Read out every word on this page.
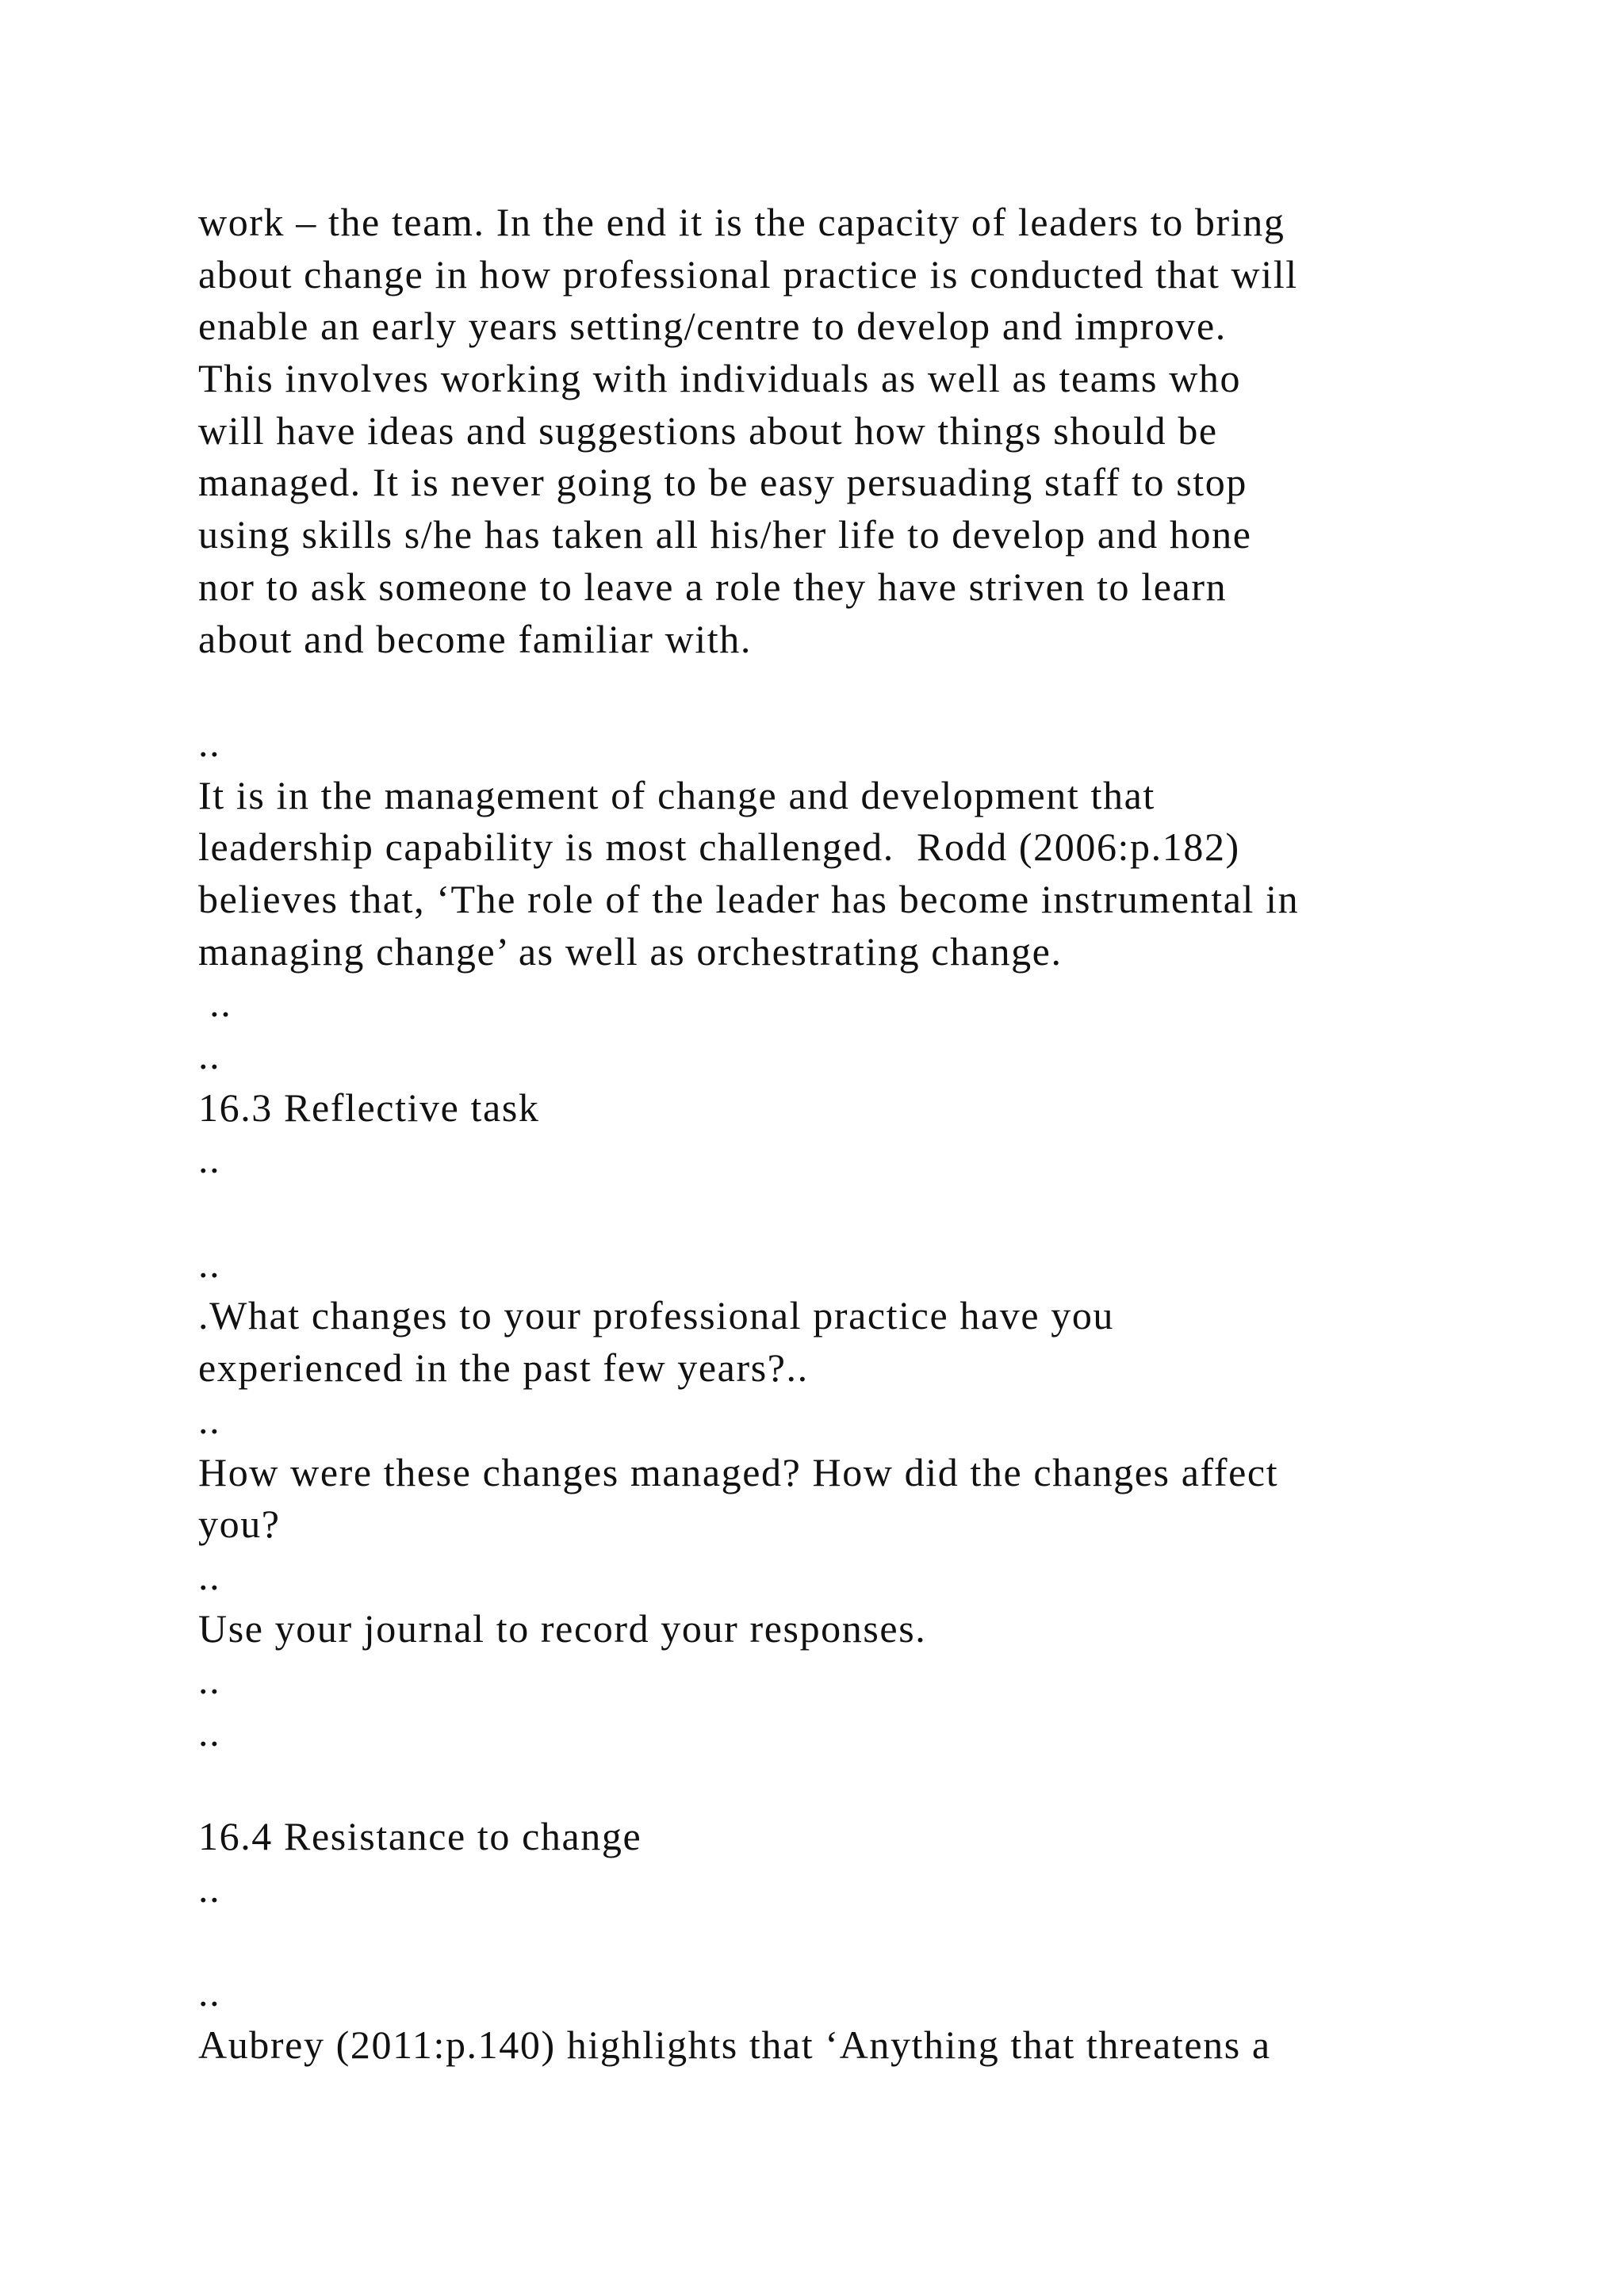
work – the team. In the end it is the capacity of leaders to bring
about change in how professional practice is conducted that will
enable an early years setting/centre to develop and improve.
This involves working with individuals as well as teams who
will have ideas and suggestions about how things should be
managed. It is never going to be easy persuading staff to stop
using skills s/he has taken all his/her life to develop and hone
nor to ask someone to leave a role they have striven to learn
about and become familiar with.
..
It is in the management of change and development that
leadership capability is most challenged.  Rodd (2006:p.182)
believes that, ‘The role of the leader has become instrumental in
managing change’ as well as orchestrating change.
..
..
16.3 Reflective task
..
..
.What changes to your professional practice have you
experienced in the past few years?..
..
How were these changes managed? How did the changes affect
you?
..
Use your journal to record your responses.
..
..
16.4 Resistance to change
..
..
Aubrey (2011:p.140) highlights that ‘Anything that threatens a
